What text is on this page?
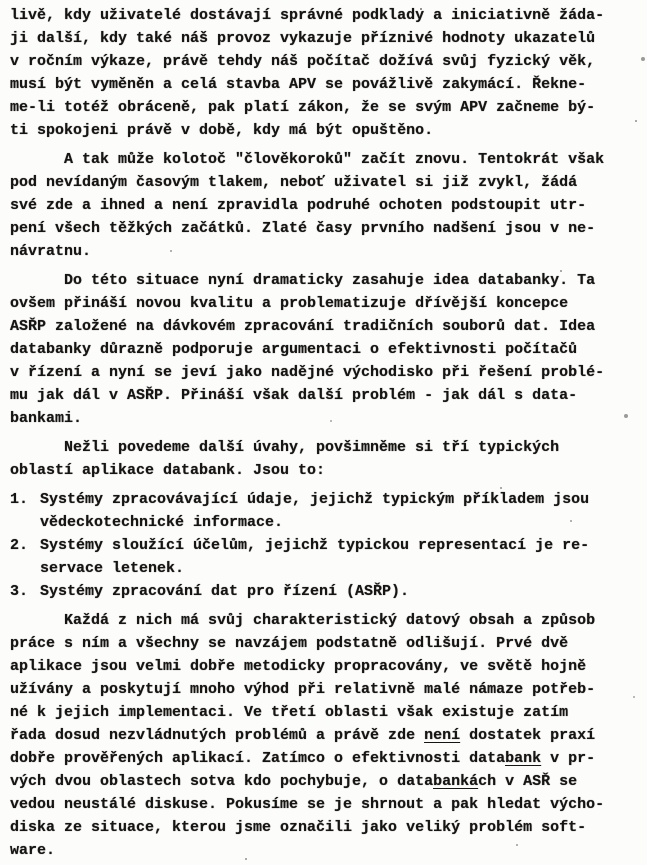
livě, kdy uživatelé dostávají správné podklady a iniciativně žáda-
ji další, kdy také náš provoz vykazuje příznivé hodnoty ukazatelů
v ročním výkaze, právě tehdy náš počítač dožívá svůj fyzický věk,
musí být vyměněn a celá stavba APV se povážlivě zakymácí. Řekne-
me-li totéž obráceně, pak platí zákon, že se svým APV začneme bý-
ti spokojeni právě v době, kdy má být opuštěno.
A tak může kolotoč "člověkoroků" začít znovu. Tentokrát však
pod nevídaným časovým tlakem, neboť uživatel si již zvykl, žádá
své zde a ihned a není zpravidla podruhé ochoten podstoupit utr-
pení všech těžkých začátků. Zlaté časy prvního nadšení jsou v ne-
návratnu.
Do této situace nyní dramaticky zasahuje idea databanky. Ta
ovšem přináší novou kvalitu a problematizuje dřívější koncepce
ASŘP založené na dávkovém zpracování tradičních souborů dat. Idea
databanky důrazně podporuje argumentaci o efektivnosti počítačů
v řízení a nyní se jeví jako nadějné východisko při řešení problé-
mu jak dál v ASŘP. Přináší však další problém - jak dál s data-
bankami.
Nežli povedeme další úvahy, povšimněme si tří typických
oblastí aplikace databank. Jsou to:
1. Systémy zpracovávající údaje, jejichž typickým příkladem jsou
vědeckotechnické informace.
2. Systémy sloužící účelům, jejichž typickou representací je re-
servace letenek.
3. Systémy zpracování dat pro řízení (ASŘP).
Každá z nich má svůj charakteristický datový obsah a způsob
práce s ním a všechny se navzájem podstatně odlišují. Prvé dvě
aplikace jsou velmi dobře metodicky propracovány, ve světě hojně
užívány a poskytují mnoho výhod při relativně malé námaze potřeb-
né k jejich implementaci. Ve třetí oblasti však existuje zatím
řada dosud nezvládnutých problémů a právě zde není dostatek praxí
dobře prověřených aplikací. Zatímco o efektivnosti databank v pr-
vých dvou oblastech sotva kdo pochybuje, o databankách v ASŘ se
vedou neustálé diskuse. Pokusíme se je shrnout a pak hledat výcho-
diska ze situace, kterou jsme označili jako veliký problém soft-
ware.
